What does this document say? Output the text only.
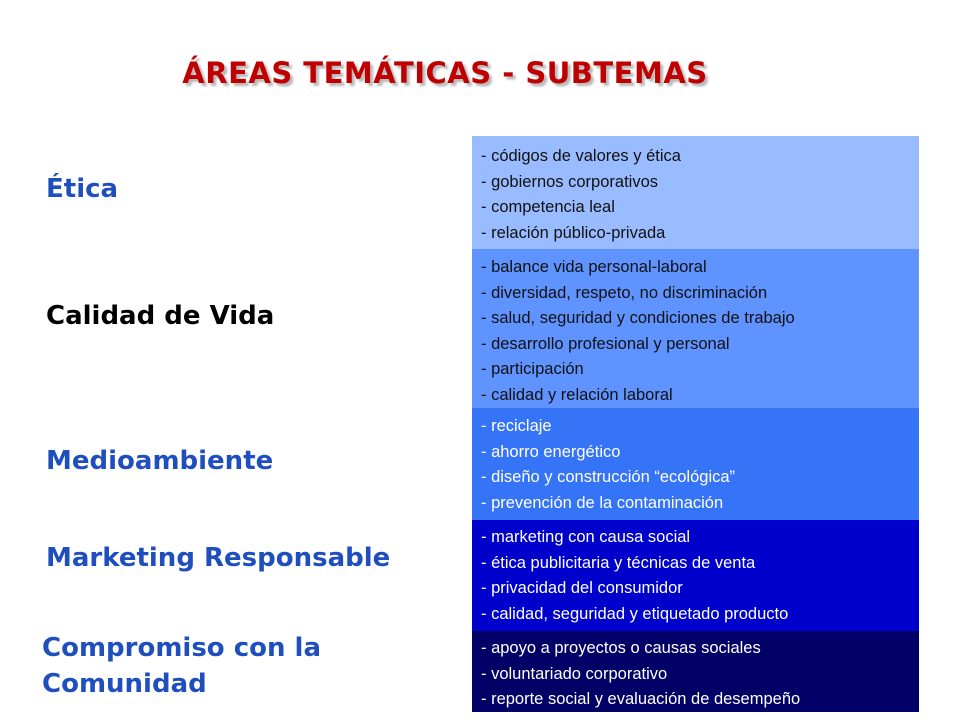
ÁREAS TEMÁTICAS - SUBTEMAS
Ética
Calidad de Vida
Medioambiente
Marketing Responsable
Compromiso con la
Comunidad
- códigos de valores y ética
- gobiernos corporativos
- competencia leal
- relación público-privada
- balance vida personal-laboral
- diversidad, respeto, no discriminación
- salud, seguridad y condiciones de trabajo
- desarrollo profesional y personal
- participación
- calidad y relación laboral
- reciclaje
- ahorro energético
- diseño y construcción “ecológica”
- prevención de la contaminación
- marketing con causa social
- ética publicitaria y técnicas de venta
- privacidad del consumidor
- calidad, seguridad y etiquetado producto
- apoyo a proyectos o causas sociales
- voluntariado corporativo
- reporte social y evaluación de desempeño
